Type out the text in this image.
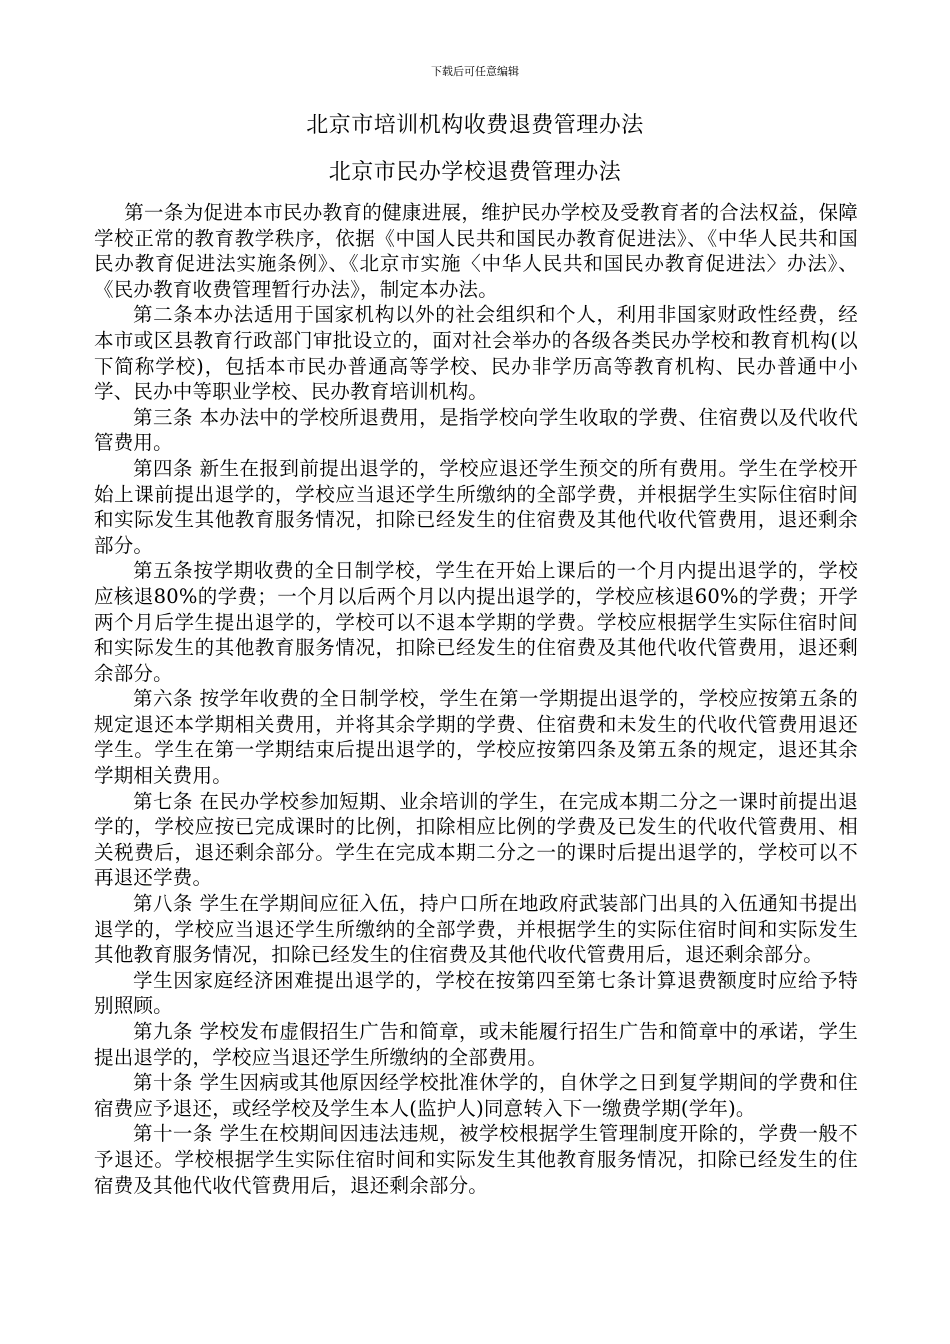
下载后可任意编辑
北京市培训机构收费退费管理办法
北京市民办学校退费管理办法

第一条为促进本市民办教育的健康进展，维护民办学校及受教育者的合法权益，保障学校正常的教育教学秩序，依据《中国人民共和国民办教育促进法》、《中华人民共和国民办教育促进法实施条例》、《北京市实施〈中华人民共和国民办教育促进法〉办法》、《民办教育收费管理暂行办法》，制定本办法。

第二条本办法适用于国家机构以外的社会组织和个人，利用非国家财政性经费，经本市或区县教育行政部门审批设立的，面对社会举办的各级各类民办学校和教育机构(以下简称学校)，包括本市民办普通高等学校、民办非学历高等教育机构、民办普通中小学、民办中等职业学校、民办教育培训机构。

第三条 本办法中的学校所退费用，是指学校向学生收取的学费、住宿费以及代收代管费用。

第四条 新生在报到前提出退学的，学校应退还学生预交的所有费用。学生在学校开始上课前提出退学的，学校应当退还学生所缴纳的全部学费，并根据学生实际住宿时间和实际发生其他教育服务情况，扣除已经发生的住宿费及其他代收代管费用，退还剩余部分。

第五条按学期收费的全日制学校，学生在开始上课后的一个月内提出退学的，学校应核退80%的学费；一个月以后两个月以内提出退学的，学校应核退60%的学费；开学两个月后学生提出退学的，学校可以不退本学期的学费。学校应根据学生实际住宿时间和实际发生的其他教育服务情况，扣除已经发生的住宿费及其他代收代管费用，退还剩余部分。

第六条 按学年收费的全日制学校，学生在第一学期提出退学的，学校应按第五条的规定退还本学期相关费用，并将其余学期的学费、住宿费和未发生的代收代管费用退还学生。学生在第一学期结束后提出退学的，学校应按第四条及第五条的规定，退还其余学期相关费用。

第七条 在民办学校参加短期、业余培训的学生，在完成本期二分之一课时前提出退学的，学校应按已完成课时的比例，扣除相应比例的学费及已发生的代收代管费用、相关税费后，退还剩余部分。学生在完成本期二分之一的课时后提出退学的，学校可以不再退还学费。

第八条 学生在学期间应征入伍，持户口所在地政府武装部门出具的入伍通知书提出退学的，学校应当退还学生所缴纳的全部学费，并根据学生的实际住宿时间和实际发生其他教育服务情况，扣除已经发生的住宿费及其他代收代管费用后，退还剩余部分。

学生因家庭经济困难提出退学的，学校在按第四至第七条计算退费额度时应给予特别照顾。

第九条 学校发布虚假招生广告和简章，或未能履行招生广告和简章中的承诺，学生提出退学的，学校应当退还学生所缴纳的全部费用。

第十条 学生因病或其他原因经学校批准休学的，自休学之日到复学期间的学费和住宿费应予退还，或经学校及学生本人(监护人)同意转入下一缴费学期(学年)。

第十一条 学生在校期间因违法违规，被学校根据学生管理制度开除的，学费一般不予退还。学校根据学生实际住宿时间和实际发生其他教育服务情况，扣除已经发生的住宿费及其他代收代管费用后，退还剩余部分。
